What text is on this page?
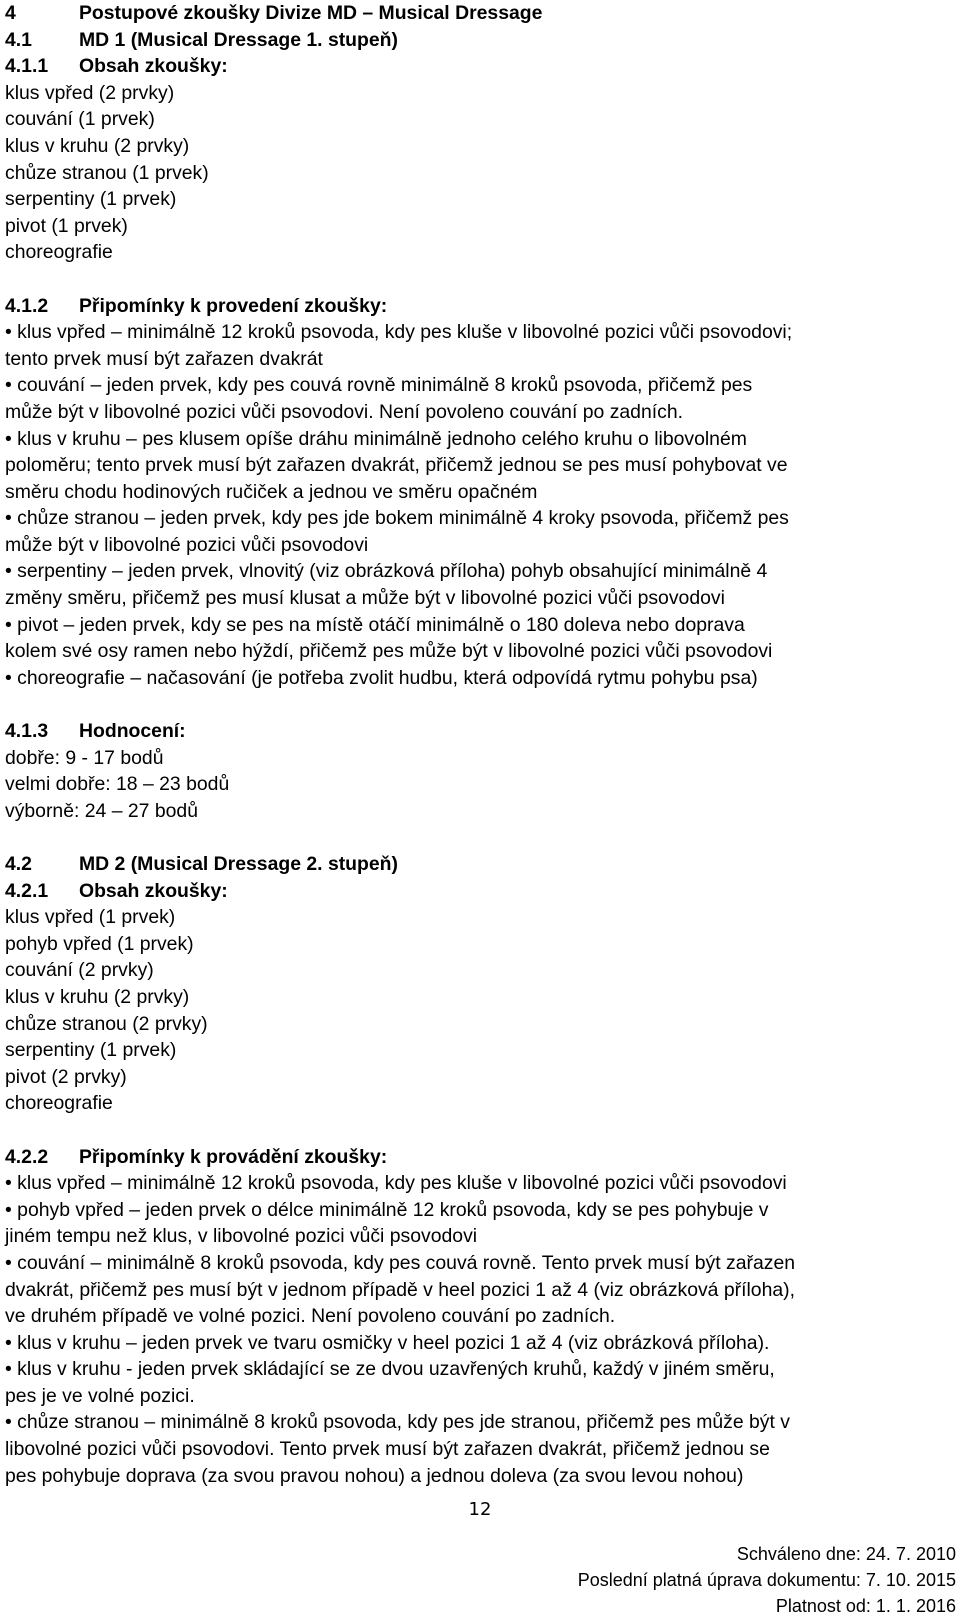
4	Postupové zkoušky Divize MD – Musical Dressage
4.1 MD 1 (Musical Dressage 1. stupeň)
4.1.1 Obsah zkoušky:
klus vpřed (2 prvky)
couvání (1 prvek)
klus v kruhu (2 prvky)
chůze stranou (1 prvek)
serpentiny (1 prvek)
pivot (1 prvek)
choreografie
4.1.2 Připomínky k provedení zkoušky:
• klus vpřed – minimálně 12 kroků psovoda, kdy pes kluše v libovolné pozici vůči psovodovi;
tento prvek musí být zařazen dvakrát
• couvání – jeden prvek, kdy pes couvá rovně minimálně 8 kroků psovoda, přičemž pes
může být v libovolné pozici vůči psovodovi. Není povoleno couvání po zadních.
• klus v kruhu – pes klusem opíše dráhu minimálně jednoho celého kruhu o libovolném
poloměru; tento prvek musí být zařazen dvakrát, přičemž jednou se pes musí pohybovat ve
směru chodu hodinových ručiček a jednou ve směru opačném
• chůze stranou – jeden prvek, kdy pes jde bokem minimálně 4 kroky psovoda, přičemž pes
může být v libovolné pozici vůči psovodovi
• serpentiny – jeden prvek, vlnovitý (viz obrázková příloha) pohyb obsahující minimálně 4
změny směru, přičemž pes musí klusat a může být v libovolné pozici vůči psovodovi
• pivot – jeden prvek, kdy se pes na místě otáčí minimálně o 180 doleva nebo doprava
kolem své osy ramen nebo hýždí, přičemž pes může být v libovolné pozici vůči psovodovi
• choreografie – načasování (je potřeba zvolit hudbu, která odpovídá rytmu pohybu psa)
4.1.3 Hodnocení:
dobře: 9 - 17 bodů
velmi dobře: 18 – 23 bodů
výborně: 24 – 27 bodů
4.2 MD 2 (Musical Dressage 2. stupeň)
4.2.1 Obsah zkoušky:
klus vpřed (1 prvek)
pohyb vpřed (1 prvek)
couvání (2 prvky)
klus v kruhu (2 prvky)
chůze stranou (2 prvky)
serpentiny (1 prvek)
pivot (2 prvky)
choreografie
4.2.2 Připomínky k provádění zkoušky:
• klus vpřed – minimálně 12 kroků psovoda, kdy pes kluše v libovolné pozici vůči psovodovi
• pohyb vpřed – jeden prvek o délce minimálně 12 kroků psovoda, kdy se pes pohybuje v
jiném tempu než klus, v libovolné pozici vůči psovodovi
• couvání – minimálně 8 kroků psovoda, kdy pes couvá rovně. Tento prvek musí být zařazen
dvakrát, přičemž pes musí být v jednom případě v heel pozici 1 až 4 (viz obrázková příloha),
ve druhém případě ve volné pozici. Není povoleno couvání po zadních.
• klus v kruhu – jeden prvek ve tvaru osmičky v heel pozici 1 až 4 (viz obrázková příloha).
• klus v kruhu - jeden prvek skládající se ze dvou uzavřených kruhů, každý v jiném směru,
pes je ve volné pozici.
• chůze stranou – minimálně 8 kroků psovoda, kdy pes jde stranou, přičemž pes může být v
libovolné pozici vůči psovodovi. Tento prvek musí být zařazen dvakrát, přičemž jednou se
pes pohybuje doprava (za svou pravou nohou) a jednou doleva (za svou levou nohou)
12
Schváleno dne: 24. 7. 2010
Poslední platná úprava dokumentu: 7. 10. 2015
Platnost od: 1. 1. 2016
